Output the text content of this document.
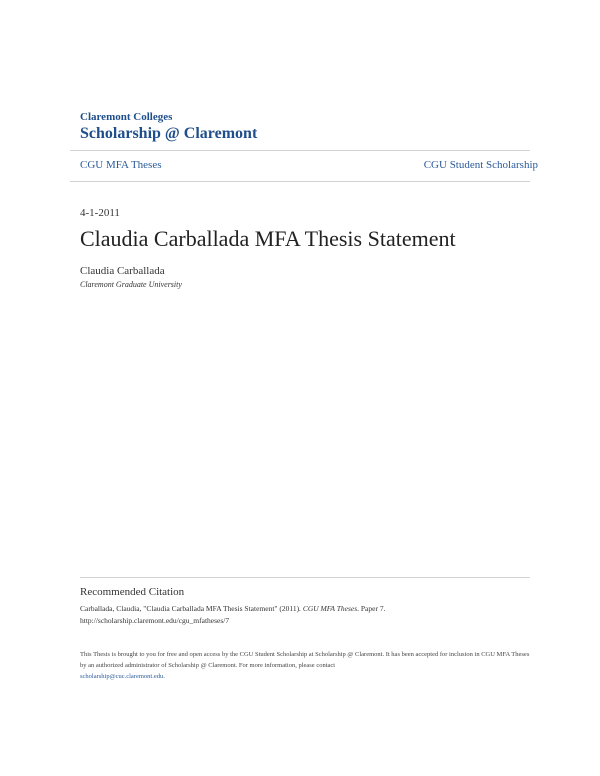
Claremont Colleges
Scholarship @ Claremont
CGU MFA Theses	CGU Student Scholarship
4-1-2011
Claudia Carballada MFA Thesis Statement
Claudia Carballada
Claremont Graduate University
Recommended Citation
Carballada, Claudia, "Claudia Carballada MFA Thesis Statement" (2011). CGU MFA Theses. Paper 7.
http://scholarship.claremont.edu/cgu_mfatheses/7
This Thesis is brought to you for free and open access by the CGU Student Scholarship at Scholarship @ Claremont. It has been accepted for inclusion in CGU MFA Theses by an authorized administrator of Scholarship @ Claremont. For more information, please contact
scholarship@cuc.claremont.edu.
